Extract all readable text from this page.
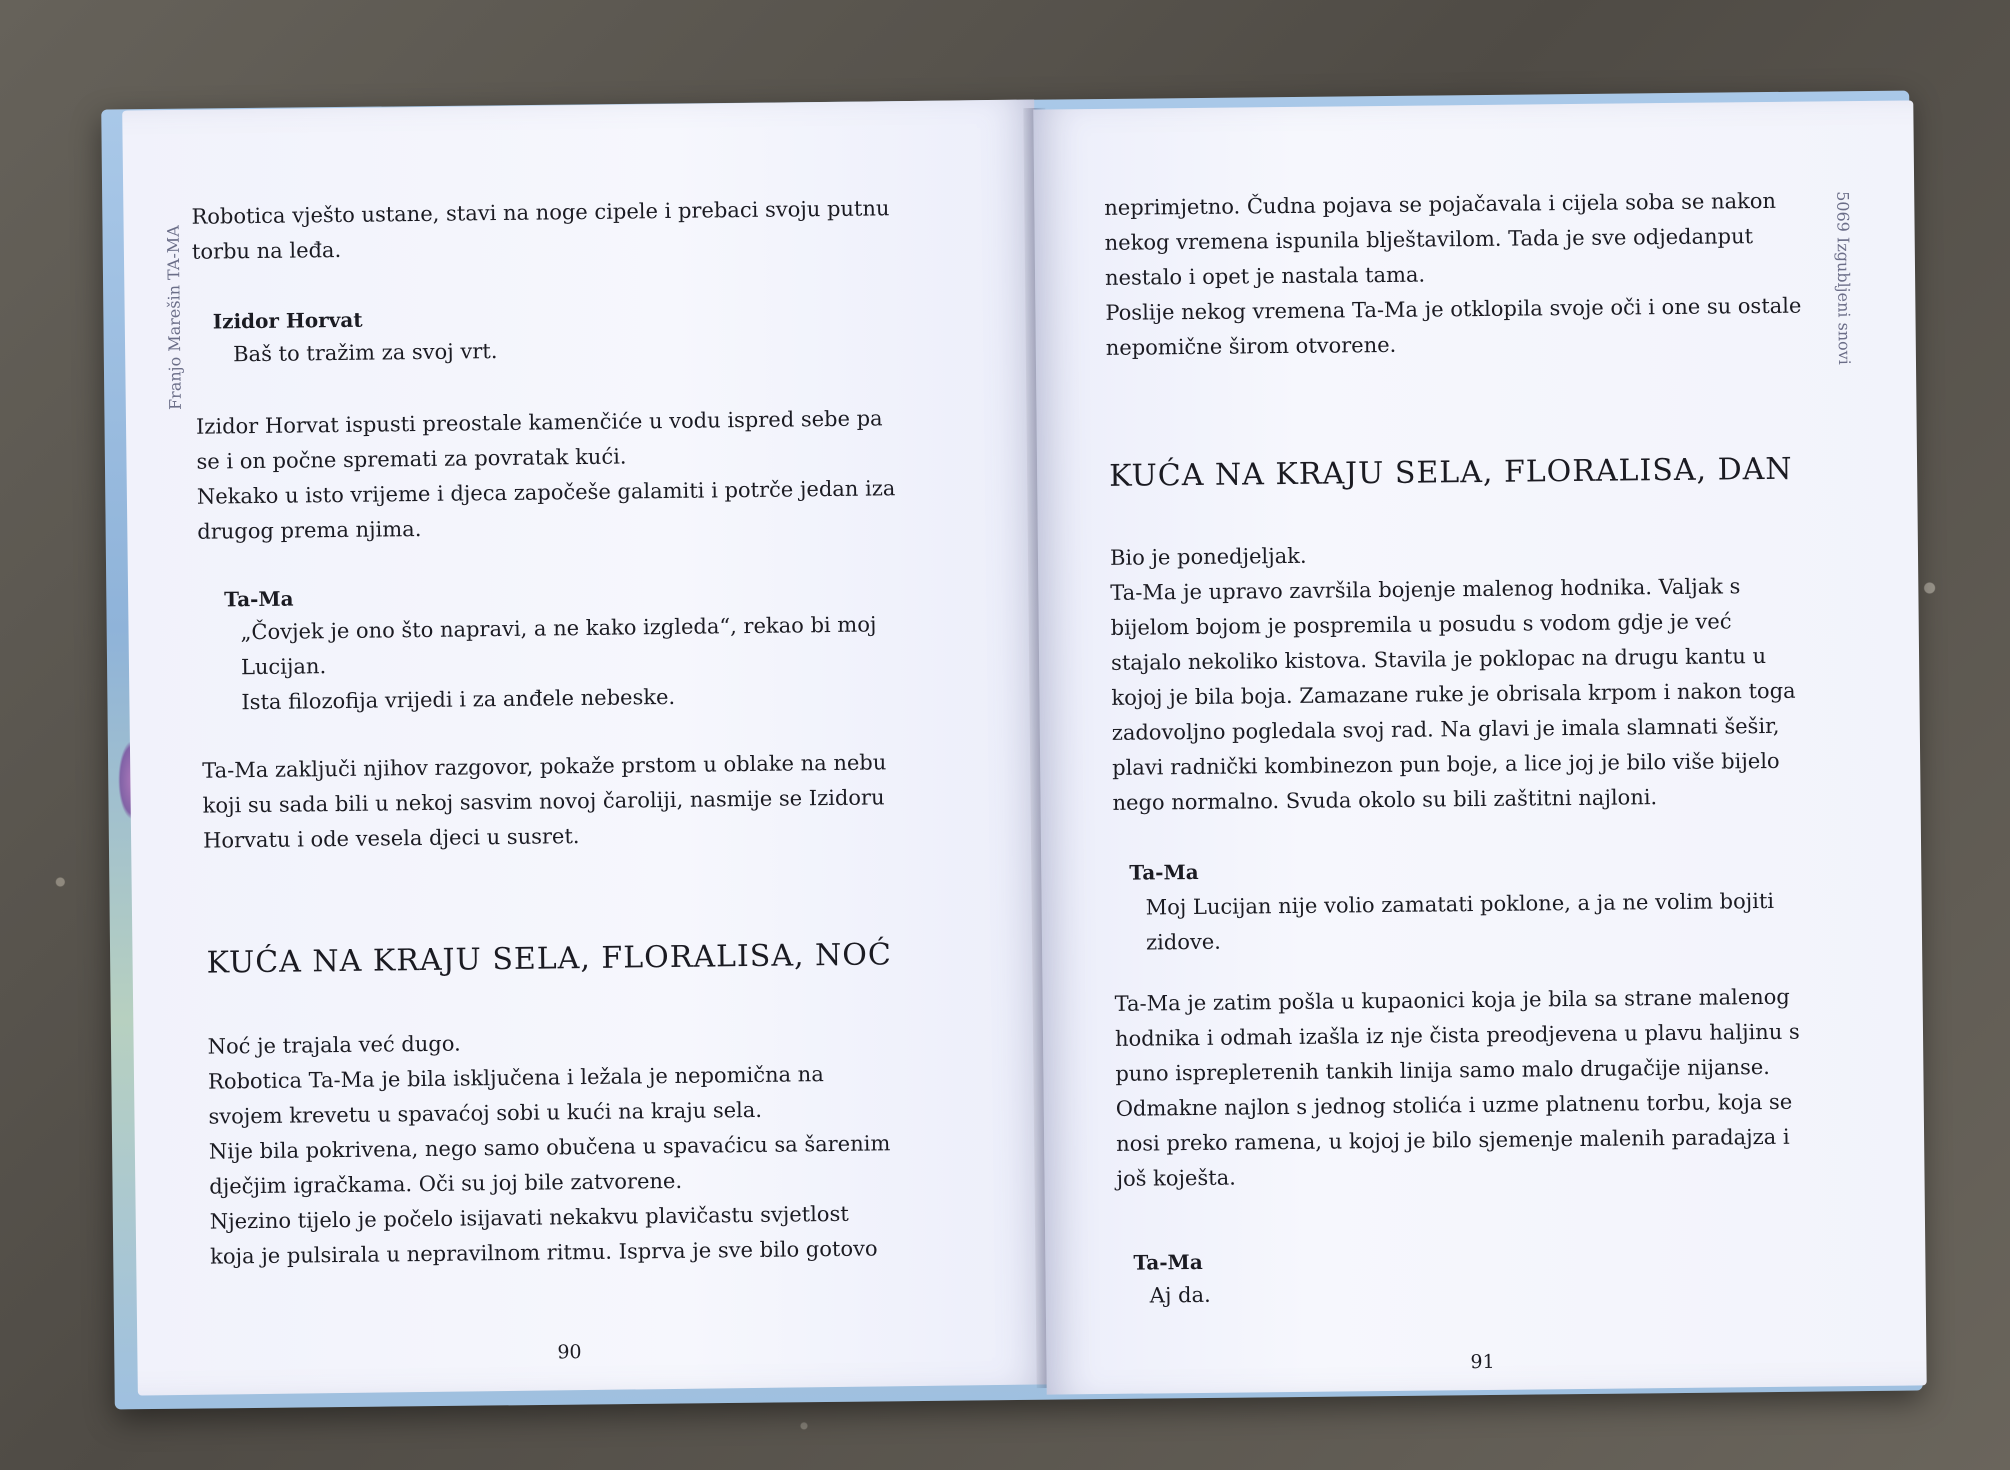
Franjo Marešin TA-MA
Robotica vješto ustane, stavi na noge cipele i prebaci svoju putnu
torbu na leđa.
Izidor Horvat
Baš to tražim za svoj vrt.
Izidor Horvat ispusti preostale kamenčiće u vodu ispred sebe pa
se i on počne spremati za povratak kući.
Nekako u isto vrijeme i djeca započeše galamiti i potrče jedan iza
drugog prema njima.
Ta-Ma
„Čovjek je ono što napravi, a ne kako izgleda“, rekao bi moj
Lucijan.
Ista filozofija vrijedi i za anđele nebeske.
Ta-Ma zaključi njihov razgovor, pokaže prstom u oblake na nebu
koji su sada bili u nekoj sasvim novoj čaroliji, nasmije se Izidoru
Horvatu i ode vesela djeci u susret.
KUĆA NA KRAJU SELA, FLORALISA, NOĆ
Noć je trajala već dugo.
Robotica Ta-Ma je bila isključena i ležala je nepomična na
svojem krevetu u spavaćoj sobi u kući na kraju sela.
Nije bila pokrivena, nego samo obučena u spavaćicu sa šarenim
dječjim igračkama. Oči su joj bile zatvorene.
Njezino tijelo je počelo isijavati nekakvu plavičastu svjetlost
koja je pulsirala u nepravilnom ritmu. Isprva je sve bilo gotovo
90
5069 Izgubljeni snovi
neprimjetno. Čudna pojava se pojačavala i cijela soba se nakon
nekog vremena ispunila blještavilom. Tada je sve odjedanput
nestalo i opet je nastala tama.
Poslije nekog vremena Ta-Ma je otklopila svoje oči i one su ostale
nepomične širom otvorene.
KUĆA NA KRAJU SELA, FLORALISA, DAN
Bio je ponedjeljak.
Ta-Ma je upravo završila bojenje malenog hodnika. Valjak s
bijelom bojom je pospremila u posudu s vodom gdje je već
stajalo nekoliko kistova. Stavila je poklopac na drugu kantu u
kojoj je bila boja. Zamazane ruke je obrisala krpom i nakon toga
zadovoljno pogledala svoj rad. Na glavi je imala slamnati šešir,
plavi radnički kombinezon pun boje, a lice joj je bilo više bijelo
nego normalno. Svuda okolo su bili zaštitni najloni.
Ta-Ma
Moj Lucijan nije volio zamatati poklone, a ja ne volim bojiti
zidove.
Ta-Ma je zatim pošla u kupaonici koja je bila sa strane malenog
hodnika i odmah izašla iz nje čista preodjevena u plavu haljinu s
puno ispreplетenih tankih linija samo malo drugačije nijanse.
Odmakne najlon s jednog stolića i uzme platnenu torbu, koja se
nosi preko ramena, u kojoj je bilo sjemenje malenih paradajza i
još koješta.
Ta-Ma
Aj da.
91
